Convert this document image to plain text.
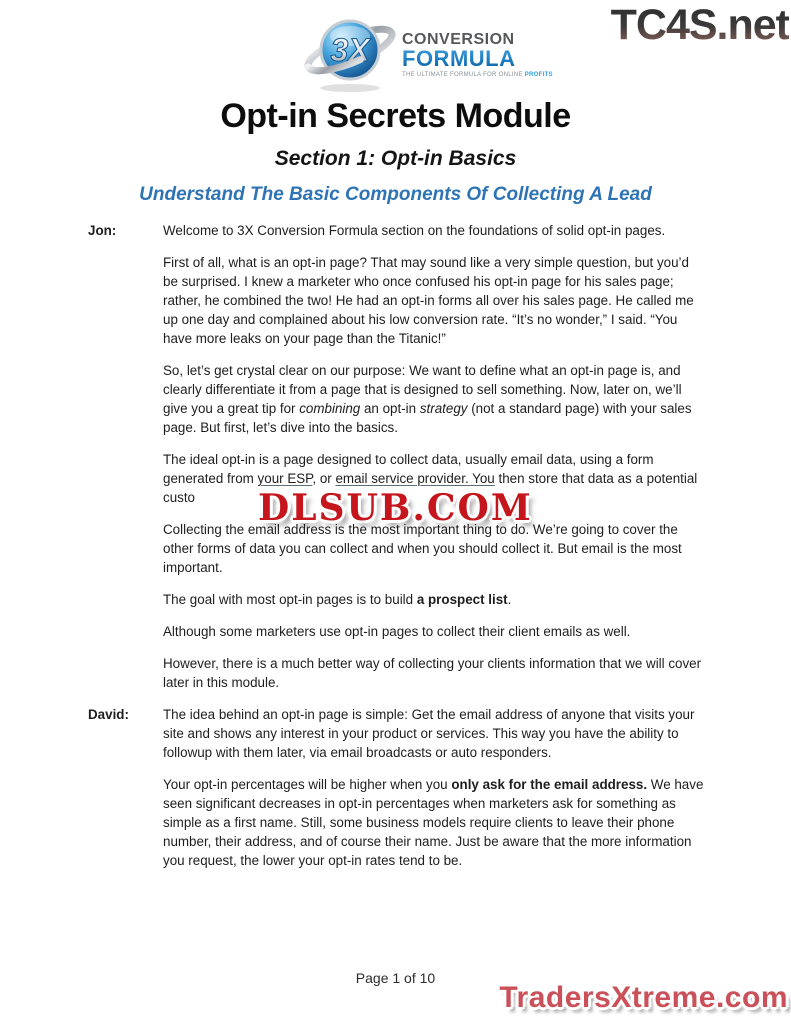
3X CONVERSION
FORMULA
THE ULTIMATE FORMULA FOR ONLINE PROFITS
TC4S.net
Opt-in Secrets Module
Section 1: Opt-in Basics
Understand The Basic Components Of Collecting A Lead
Jon:	Welcome to 3X Conversion Formula section on the foundations of solid opt-in pages.

First of all, what is an opt-in page? That may sound like a very simple question, but you’d be surprised. I knew a marketer who once confused his opt-in page for his sales page; rather, he combined the two! He had an opt-in forms all over his sales page. He called me up one day and complained about his low conversion rate. “It’s no wonder,” I said. “You have more leaks on your page than the Titanic!”

So, let’s get crystal clear on our purpose: We want to define what an opt-in page is, and clearly differentiate it from a page that is designed to sell something. Now, later on, we’ll give you a great tip for combining an opt-in strategy (not a standard page) with your sales page. But first, let’s dive into the basics.

The ideal opt-in is a page designed to collect data, usually email data, using a form generated from your ESP, or email service provider. You then store that data as a potential custo

Collecting the email address is the most important thing to do. We’re going to cover the other forms of data you can collect and when you should collect it. But email is the most important.

The goal with most opt-in pages is to build a prospect list.

Although some marketers use opt-in pages to collect their client emails as well.

However, there is a much better way of collecting your clients information that we will cover later in this module.

David:	The idea behind an opt-in page is simple: Get the email address of anyone that visits your site and shows any interest in your product or services. This way you have the ability to followup with them later, via email broadcasts or auto responders.

Your opt-in percentages will be higher when you only ask for the email address. We have seen significant decreases in opt-in percentages when marketers ask for something as simple as a first name. Still, some business models require clients to leave their phone number, their address, and of course their name. Just be aware that the more information you request, the lower your opt-in rates tend to be.

DLSUB.COM
Page 1 of 10
TradersXtreme.com
